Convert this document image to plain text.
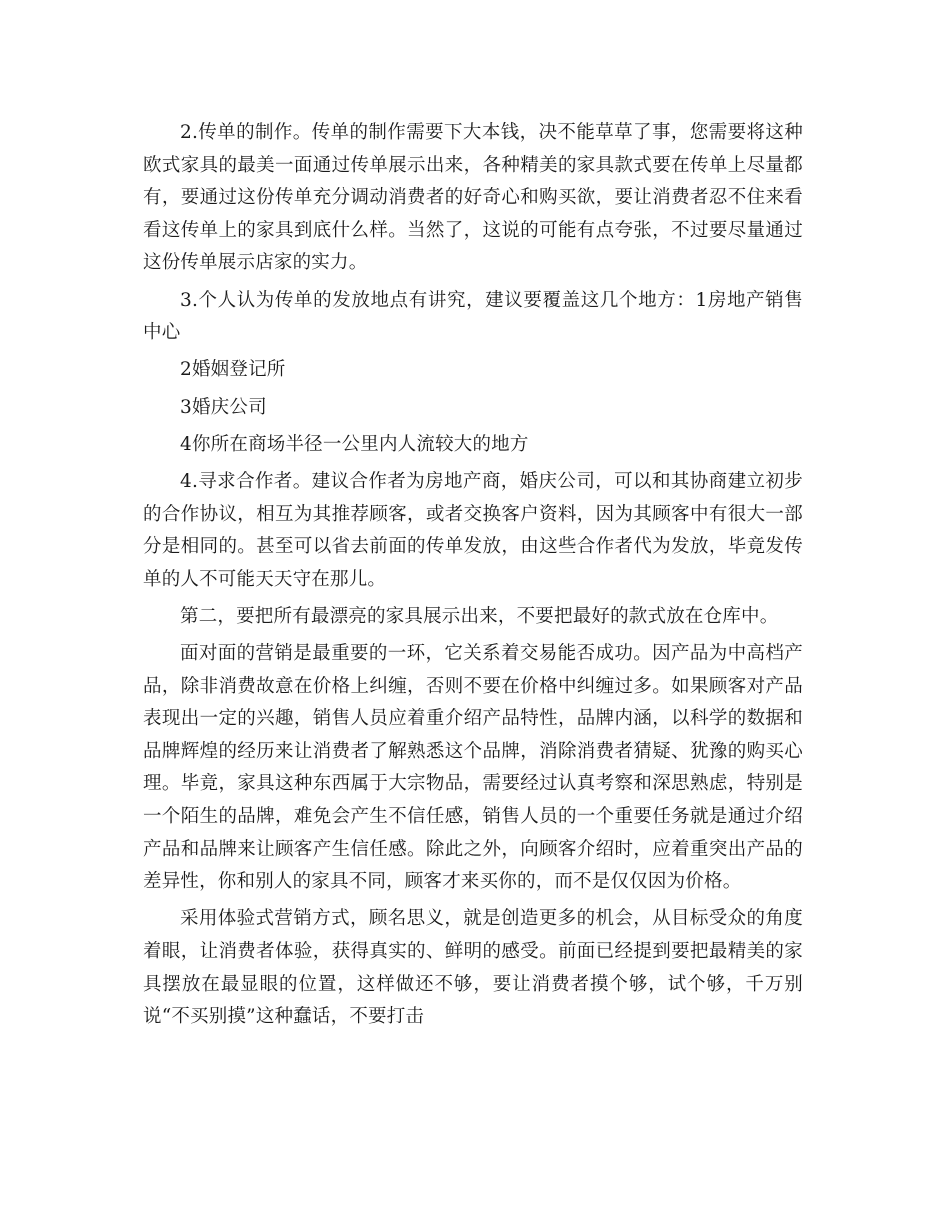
2.传单的制作。传单的制作需要下大本钱，决不能草草了事，您需要将这种欧式家具的最美一面通过传单展示出来，各种精美的家具款式要在传单上尽量都有，要通过这份传单充分调动消费者的好奇心和购买欲，要让消费者忍不住来看看这传单上的家具到底什么样。当然了，这说的可能有点夸张，不过要尽量通过这份传单展示店家的实力。

3.个人认为传单的发放地点有讲究，建议要覆盖这几个地方：1房地产销售中心

2婚姻登记所

3婚庆公司

4你所在商场半径一公里内人流较大的地方

4.寻求合作者。建议合作者为房地产商，婚庆公司，可以和其协商建立初步的合作协议，相互为其推荐顾客，或者交换客户资料，因为其顾客中有很大一部分是相同的。甚至可以省去前面的传单发放，由这些合作者代为发放，毕竟发传单的人不可能天天守在那儿。

第二，要把所有最漂亮的家具展示出来，不要把最好的款式放在仓库中。

面对面的营销是最重要的一环，它关系着交易能否成功。因产品为中高档产品，除非消费故意在价格上纠缠，否则不要在价格中纠缠过多。如果顾客对产品表现出一定的兴趣，销售人员应着重介绍产品特性，品牌内涵，以科学的数据和品牌辉煌的经历来让消费者了解熟悉这个品牌，消除消费者猜疑、犹豫的购买心理。毕竟，家具这种东西属于大宗物品，需要经过认真考察和深思熟虑，特别是一个陌生的品牌，难免会产生不信任感，销售人员的一个重要任务就是通过介绍产品和品牌来让顾客产生信任感。除此之外，向顾客介绍时，应着重突出产品的差异性，你和别人的家具不同，顾客才来买你的，而不是仅仅因为价格。

采用体验式营销方式，顾名思义，就是创造更多的机会，从目标受众的角度着眼，让消费者体验，获得真实的、鲜明的感受。前面已经提到要把最精美的家具摆放在最显眼的位置，这样做还不够，要让消费者摸个够，试个够，千万别说“不买别摸”这种蠢话，不要打击
